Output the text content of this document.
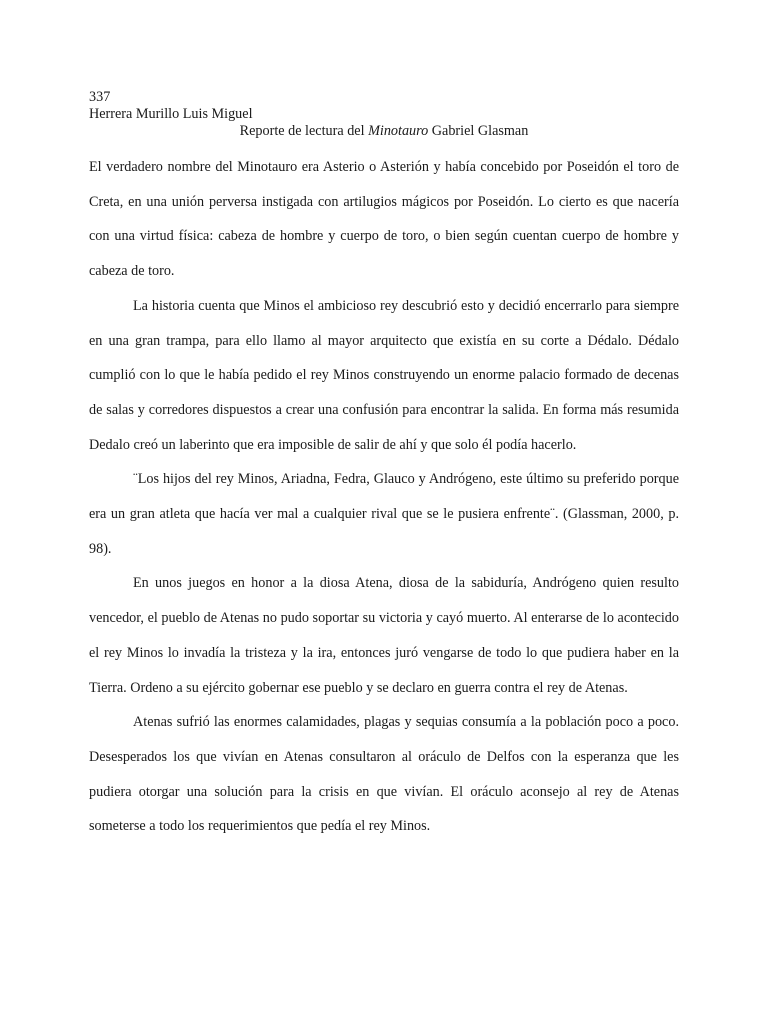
337
Herrera Murillo Luis Miguel
Reporte de lectura del Minotauro Gabriel Glasman

El verdadero nombre del Minotauro era Asterio o Asterión y había concebido por Poseidón el toro de Creta, en una unión perversa instigada con artilugios mágicos por Poseidón. Lo cierto es que nacería con una virtud física: cabeza de hombre y cuerpo de toro, o bien según cuentan cuerpo de hombre y cabeza de toro.

La historia cuenta que Minos el ambicioso rey descubrió esto y decidió encerrarlo para siempre en una gran trampa, para ello llamo al mayor arquitecto que existía en su corte a Dédalo. Dédalo cumplió con lo que le había pedido el rey Minos construyendo un enorme palacio formado de decenas de salas y corredores dispuestos a crear una confusión para encontrar la salida. En forma más resumida Dedalo creó un laberinto que era imposible de salir de ahí y que solo él podía hacerlo.

¨Los hijos del rey Minos, Ariadna, Fedra, Glauco y Andrógeno, este último su preferido porque era un gran atleta que hacía ver mal a cualquier rival que se le pusiera enfrente¨. (Glassman, 2000, p. 98).

En unos juegos en honor a la diosa Atena, diosa de la sabiduría, Andrógeno quien resulto vencedor, el pueblo de Atenas no pudo soportar su victoria y cayó muerto. Al enterarse de lo acontecido el rey Minos lo invadía la tristeza y la ira, entonces juró vengarse de todo lo que pudiera haber en la Tierra. Ordeno a su ejército gobernar ese pueblo y se declaro en guerra contra el rey de Atenas.

Atenas sufrió las enormes calamidades, plagas y sequias consumía a la población poco a poco. Desesperados los que vivían en Atenas consultaron al oráculo de Delfos con la esperanza que les pudiera otorgar una solución para la crisis en que vivían. El oráculo aconsejo al rey de Atenas someterse a todo los requerimientos que pedía el rey Minos.
